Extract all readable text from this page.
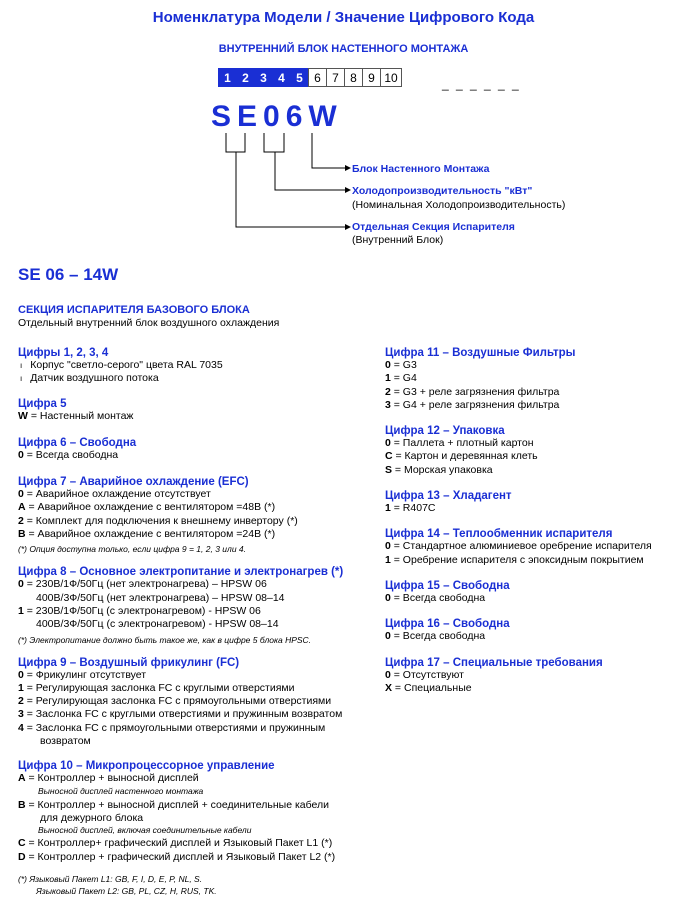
Номенклатура Модели / Значение Цифрового Кода
ВНУТРЕННИЙ БЛОК НАСТЕННОГО МОНТАЖА
1 2 3 4 5 6 7 8 9 10	_ _ _ _ _ _
SE06W
Блок Настенного Монтажа
Холодопроизводительность "кВт"
(Номинальная Холодопроизводительность)
Отдельная Секция Испарителя
(Внутренний Блок)
SE 06 – 14W
СЕКЦИЯ ИСПАРИТЕЛЯ БАЗОВОГО БЛОКА
Отдельный внутренний блок воздушного охлаждения
Цифры 1, 2, 3, 4
ı Корпус "светло-серого" цвета RAL 7035
ı Датчик воздушного потока
Цифра 5
W = Настенный монтаж
Цифра 6 – Свободна
0 = Всегда свободна
Цифра 7 – Аварийное охлаждение (EFC)
0 = Аварийное охлаждение отсутствует
A = Аварийное охлаждение с вентилятором =48В (*)
2 = Комплект для подключения к внешнему инвертору (*)
B = Аварийное охлаждение с вентилятором =24В (*)
(*) Опция доступна только, если цифра 9 = 1, 2, 3 или 4.
Цифра 8 – Основное электропитание и электронагрев (*)
0 = 230В/1Ф/50Гц (нет электронагрева) – HPSW 06
400В/3Ф/50Гц (нет электронагрева) – HPSW 08–14
1 = 230В/1Ф/50Гц (с электронагревом) - HPSW 06
400В/3Ф/50Гц (с электронагревом) - HPSW 08–14
(*) Электропитание должно быть такое же, как в цифре 5 блока HPSC.
Цифра 9 – Воздушный фрикулинг (FC)
0 = Фрикулинг отсутствует
1 = Регулирующая заслонка FC с круглыми отверстиями
2 = Регулирующая заслонка FC с прямоугольными отверстиями
3 = Заслонка FC с круглыми отверстиями и пружинным возвратом
4 = Заслонка FC с прямоугольными отверстиями и пружинным
возвратом
Цифра 10 – Микропроцессорное управление
A = Контроллер + выносной дисплей
Выносной дисплей настенного монтажа
B = Контроллер + выносной дисплей + соединительные кабели
для дежурного блока
Выносной дисплей, включая соединительные кабели
C = Контроллер+ графический дисплей и Языковый Пакет L1 (*)
D = Контроллер + графический дисплей и Языковый Пакет L2 (*)
(*) Языковый Пакет L1: GB, F, I, D, E, P, NL, S.
Языковый Пакет L2: GB, PL, CZ, H, RUS, TK.
Цифра 11 – Воздушные Фильтры
0 = G3
1 = G4
2 = G3 + реле загрязнения фильтра
3 = G4 + реле загрязнения фильтра
Цифра 12 – Упаковка
0 = Паллета + плотный картон
C = Картон и деревянная клеть
S = Морская упаковка
Цифра 13 – Хладагент
1 = R407C
Цифра 14 – Теплообменник испарителя
0 = Стандартное алюминиевое оребрение испарителя
1 = Оребрение испарителя с эпоксидным покрытием
Цифра 15 – Свободна
0 = Всегда свободна
Цифра 16 – Свободна
0 = Всегда свободна
Цифра 17 – Специальные требования
0 = Отсутствуют
X = Специальные
